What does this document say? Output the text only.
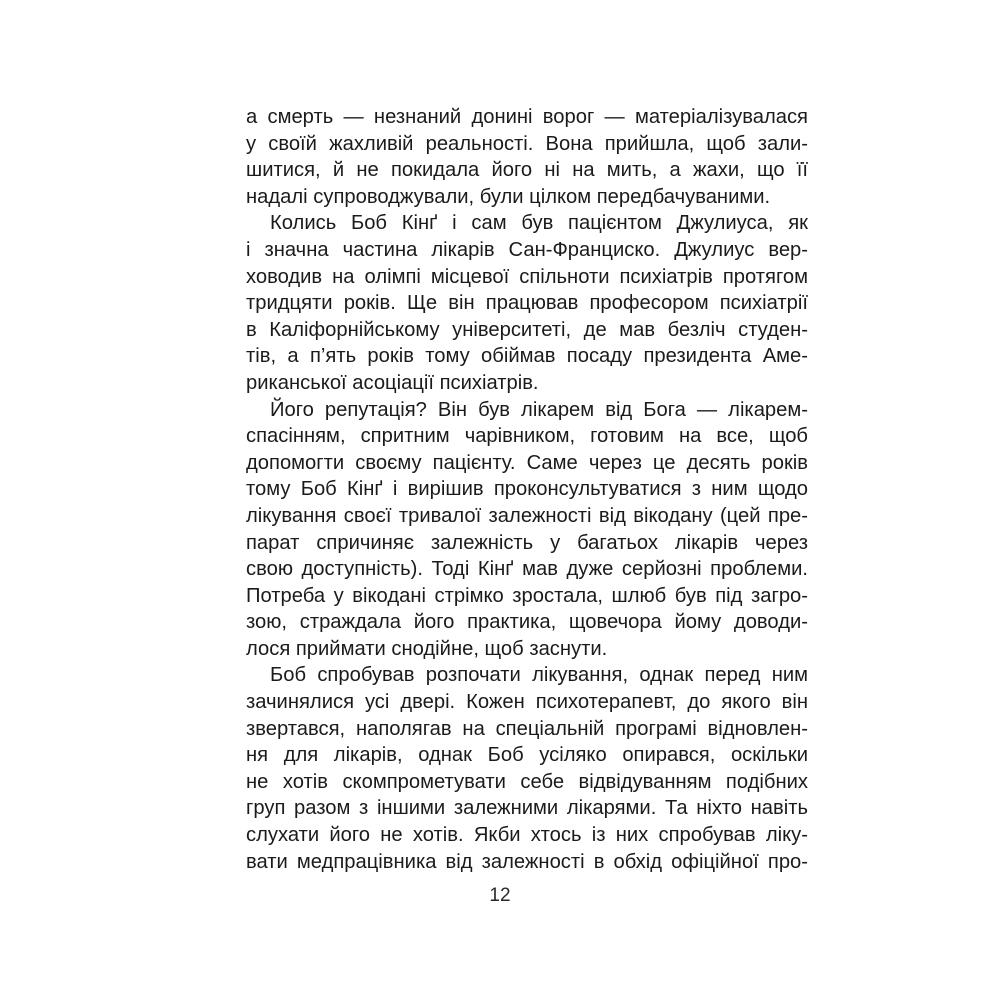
а смерть — незнаний донині ворог — матеріалізувалася
у своїй жахливій реальності. Вона прийшла, щоб зали-
шитися, й не покидала його ні на мить, а жахи, що її
надалі супроводжували, були цілком передбачуваними.
Колись Боб Кінґ і сам був пацієнтом Джулиуса, як
і значна частина лікарів Сан-Франциско. Джулиус вер-
ховодив на олімпі місцевої спільноти психіатрів протягом
тридцяти років. Ще він працював професором психіатрії
в Каліфорнійському університеті, де мав безліч студен-
тів, а п’ять років тому обіймав посаду президента Аме-
риканської асоціації психіатрів.
Його репутація? Він був лікарем від Бога — лікарем-
спасінням, спритним чарівником, готовим на все, щоб
допомогти своєму пацієнту. Саме через це десять років
тому Боб Кінґ і вирішив проконсультуватися з ним щодо
лікування своєї тривалої залежності від вікодану (цей пре-
парат спричиняє залежність у багатьох лікарів через
свою доступність). Тоді Кінґ мав дуже серйозні проблеми.
Потреба у вікодані стрімко зростала, шлюб був під загро-
зою, страждала його практика, щовечора йому доводи-
лося приймати снодійне, щоб заснути.
Боб спробував розпочати лікування, однак перед ним
зачинялися усі двері. Кожен психотерапевт, до якого він
звертався, наполягав на спеціальній програмі відновлен-
ня для лікарів, однак Боб усіляко опирався, оскільки
не хотів скомпрометувати себе відвідуванням подібних
груп разом з іншими залежними лікарями. Та ніхто навіть
слухати його не хотів. Якби хтось із них спробував ліку-
вати медпрацівника від залежності в обхід офіційної про-
12
